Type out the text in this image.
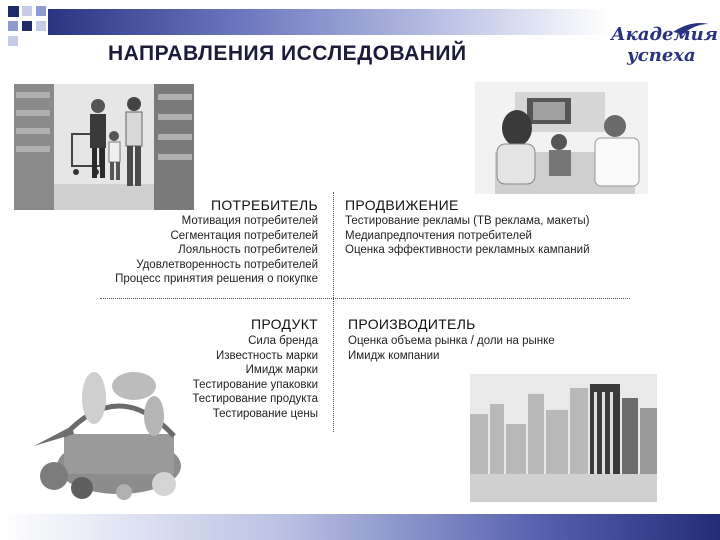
НАПРАВЛЕНИЯ ИССЛЕДОВАНИЙ
Академия
успеха
ПОТРЕБИТЕЛЬ
Мотивация потребителей
Сегментация потребителей
Лояльность потребителей
Удовлетворенность потребителей
Процесс принятия решения о покупке
ПРОДВИЖЕНИЕ
Тестирование рекламы (ТВ реклама, макеты)
Медиапредпочтения потребителей
Оценка эффективности рекламных кампаний
ПРОДУКТ
Сила бренда
Известность марки
Имидж марки
Тестирование упаковки
Тестирование продукта
Тестирование цены
ПРОИЗВОДИТЕЛЬ
Оценка объема рынка / доли на рынке
Имидж компании
